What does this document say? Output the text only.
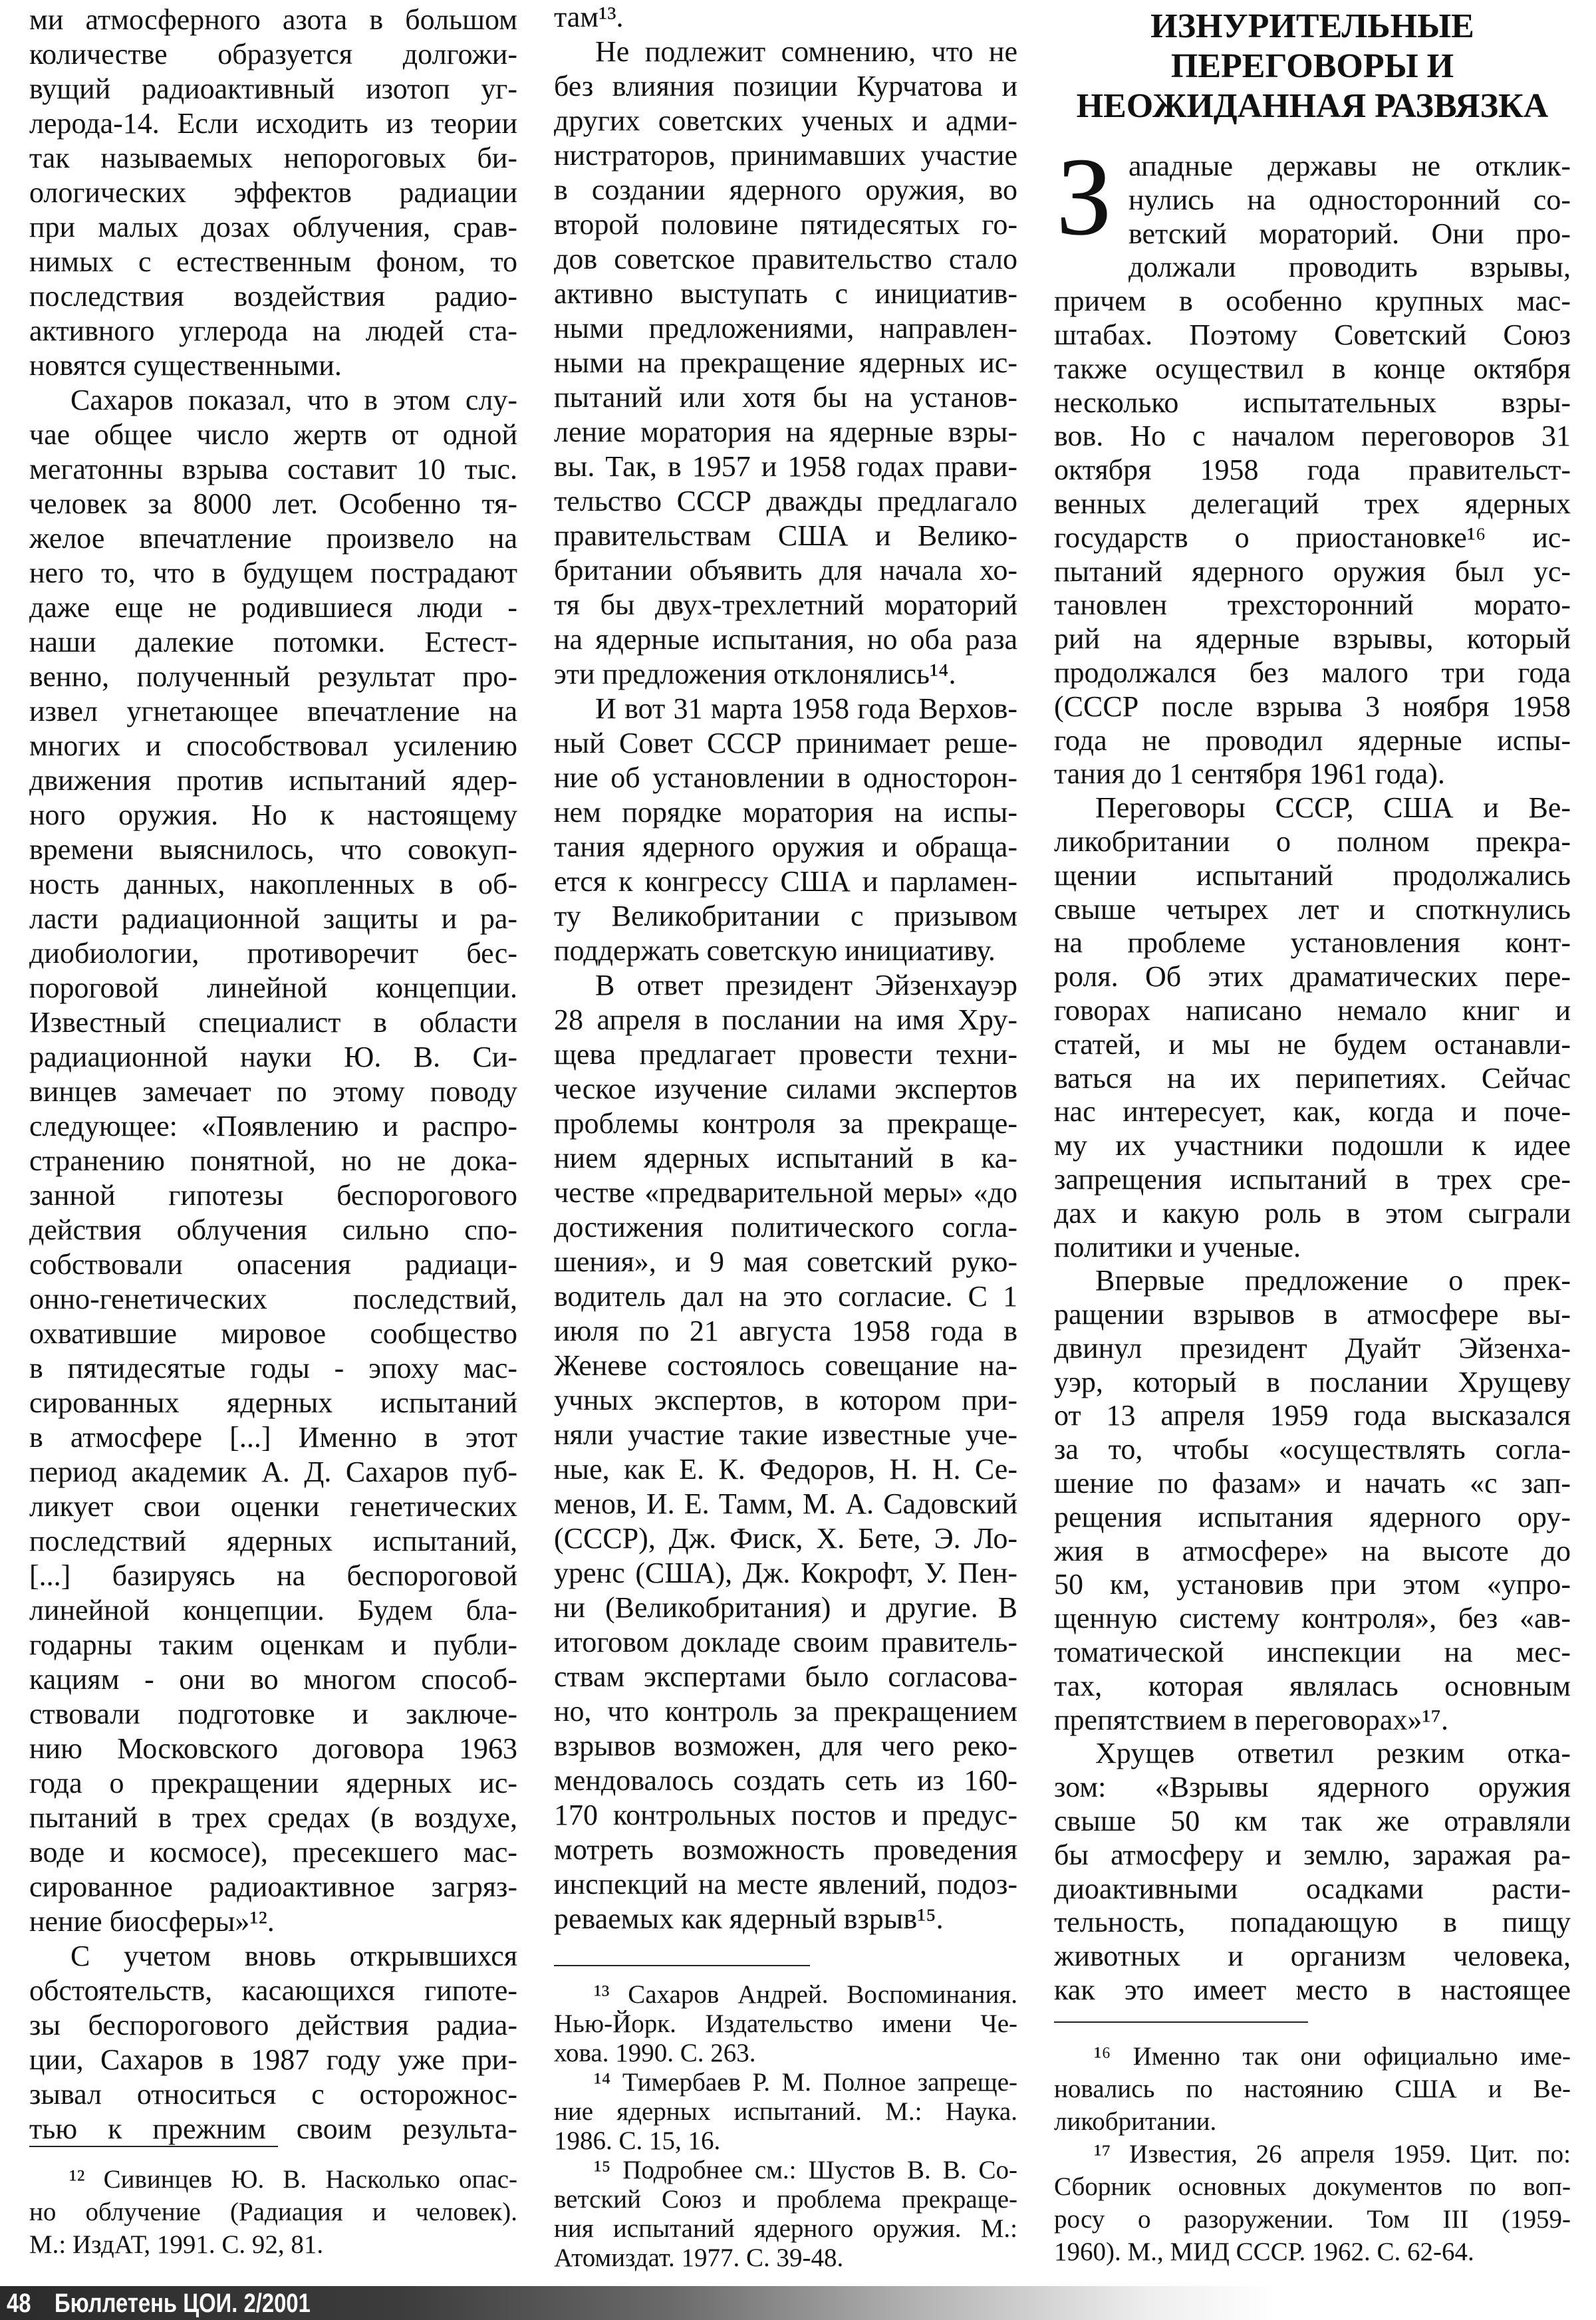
ИЗНУРИТЕЛЬНЫЕ
ПЕРЕГОВОРЫ И
НЕОЖИДАННАЯ РАЗВЯЗКА
З
ми атмосферного азота в большом
количестве образуется долгожи-
вущий радиоактивный изотоп уг-
лерода-14. Если исходить из теории
так называемых непороговых би-
ологических эффектов радиации
при малых дозах облучения, срав-
нимых с естественным фоном, то
последствия воздействия радио-
активного углерода на людей ста-
новятся существенными.
Сахаров показал, что в этом слу-
чае общее число жертв от одной
мегатонны взрыва составит 10 тыс.
человек за 8000 лет. Особенно тя-
желое впечатление произвело на
него то, что в будущем пострадают
даже еще не родившиеся люди -
наши далекие потомки. Естест-
венно, полученный результат про-
извел угнетающее впечатление на
многих и способствовал усилению
движения против испытаний ядер-
ного оружия. Но к настоящему
времени выяснилось, что совокуп-
ность данных, накопленных в об-
ласти радиационной защиты и ра-
диобиологии, противоречит бес-
пороговой линейной концепции.
Известный специалист в области
радиационной науки Ю. В. Си-
винцев замечает по этому поводу
следующее: «Появлению и распро-
странению понятной, но не дока-
занной гипотезы беспорогового
действия облучения сильно спо-
собствовали опасения радиаци-
онно-генетических последствий,
охватившие мировое сообщество
в пятидесятые годы - эпоху мас-
сированных ядерных испытаний
в атмосфере [...] Именно в этот
период академик А. Д. Сахаров пуб-
ликует свои оценки генетических
последствий ядерных испытаний,
[...] базируясь на беспороговой
линейной концепции. Будем бла-
годарны таким оценкам и публи-
кациям - они во многом способ-
ствовали подготовке и заключе-
нию Московского договора 1963
года о прекращении ядерных ис-
пытаний в трех средах (в воздухе,
воде и космосе), пресекшего мас-
сированное радиоактивное загряз-
нение биосферы»¹².
С учетом вновь открывшихся
обстоятельств, касающихся гипоте-
зы беспорогового действия радиа-
ции, Сахаров в 1987 году уже при-
зывал относиться с осторожнос-
тью к прежним своим результа-
там¹³.
Не подлежит сомнению, что не
без влияния позиции Курчатова и
других советских ученых и адми-
нистраторов, принимавших участие
в создании ядерного оружия, во
второй половине пятидесятых го-
дов советское правительство стало
активно выступать с инициатив-
ными предложениями, направлен-
ными на прекращение ядерных ис-
пытаний или хотя бы на установ-
ление моратория на ядерные взры-
вы. Так, в 1957 и 1958 годах прави-
тельство СССР дважды предлагало
правительствам США и Велико-
британии объявить для начала хо-
тя бы двух-трехлетний мораторий
на ядерные испытания, но оба раза
эти предложения отклонялись¹⁴.
И вот 31 марта 1958 года Верхов-
ный Совет СССР принимает реше-
ние об установлении в односторон-
нем порядке моратория на испы-
тания ядерного оружия и обраща-
ется к конгрессу США и парламен-
ту Великобритании с призывом
поддержать советскую инициативу.
В ответ президент Эйзенхауэр
28 апреля в послании на имя Хру-
щева предлагает провести техни-
ческое изучение силами экспертов
проблемы контроля за прекраще-
нием ядерных испытаний в ка-
честве «предварительной меры» «до
достижения политического согла-
шения», и 9 мая советский руко-
водитель дал на это согласие. С 1
июля по 21 августа 1958 года в
Женеве состоялось совещание на-
учных экспертов, в котором при-
няли участие такие известные уче-
ные, как Е. К. Федоров, Н. Н. Се-
менов, И. Е. Тамм, М. А. Садовский
(СССР), Дж. Фиск, Х. Бете, Э. Ло-
уренс (США), Дж. Кокрофт, У. Пен-
ни (Великобритания) и другие. В
итоговом докладе своим правитель-
ствам экспертами было согласова-
но, что контроль за прекращением
взрывов возможен, для чего реко-
мендовалось создать сеть из 160-
170 контрольных постов и предус-
мотреть возможность проведения
инспекций на месте явлений, подоз-
реваемых как ядерный взрыв¹⁵.
ападные державы не отклик-
нулись на односторонний со-
ветский мораторий. Они про-
должали проводить взрывы,
причем в особенно крупных мас-
штабах. Поэтому Советский Союз
также осуществил в конце октября
несколько испытательных взры-
вов. Но с началом переговоров 31
октября 1958 года правительст-
венных делегаций трех ядерных
государств о приостановке¹⁶ ис-
пытаний ядерного оружия был ус-
тановлен трехсторонний морато-
рий на ядерные взрывы, который
продолжался без малого три года
(СССР после взрыва 3 ноября 1958
года не проводил ядерные испы-
тания до 1 сентября 1961 года).
Переговоры СССР, США и Ве-
ликобритании о полном прекра-
щении испытаний продолжались
свыше четырех лет и споткнулись
на проблеме установления конт-
роля. Об этих драматических пере-
говорах написано немало книг и
статей, и мы не будем останавли-
ваться на их перипетиях. Сейчас
нас интересует, как, когда и поче-
му их участники подошли к идее
запрещения испытаний в трех сре-
дах и какую роль в этом сыграли
политики и ученые.
Впервые предложение о прек-
ращении взрывов в атмосфере вы-
двинул президент Дуайт Эйзенха-
уэр, который в послании Хрущеву
от 13 апреля 1959 года высказался
за то, чтобы «осуществлять согла-
шение по фазам» и начать «с зап-
рещения испытания ядерного ору-
жия в атмосфере» на высоте до
50 км, установив при этом «упро-
щенную систему контроля», без «ав-
томатической инспекции на мес-
тах, которая являлась основным
препятствием в переговорах»¹⁷.
Хрущев ответил резким отка-
зом: «Взрывы ядерного оружия
свыше 50 км так же отравляли
бы атмосферу и землю, заражая ра-
диоактивными осадками расти-
тельность, попадающую в пищу
животных и организм человека,
как это имеет место в настоящее
¹² Сивинцев Ю. В. Насколько опас-
но облучение (Радиация и человек).
М.: ИздАТ, 1991. С. 92, 81.
¹³ Сахаров Андрей. Воспоминания.
Нью-Йорк. Издательство имени Че-
хова. 1990. С. 263.
¹⁴ Тимербаев Р. М. Полное запреще-
ние ядерных испытаний. М.: Наука.
1986. С. 15, 16.
¹⁵ Подробнее см.: Шустов В. В. Со-
ветский Союз и проблема прекраще-
ния испытаний ядерного оружия. М.:
Атомиздат. 1977. С. 39-48.
¹⁶ Именно так они официально име-
новались по настоянию США и Ве-
ликобритании.
¹⁷ Известия, 26 апреля 1959. Цит. по:
Сборник основных документов по воп-
росу о разоружении. Том III (1959-
1960). М., МИД СССР. 1962. С. 62-64.
48 Бюллетень ЦОИ. 2/2001
